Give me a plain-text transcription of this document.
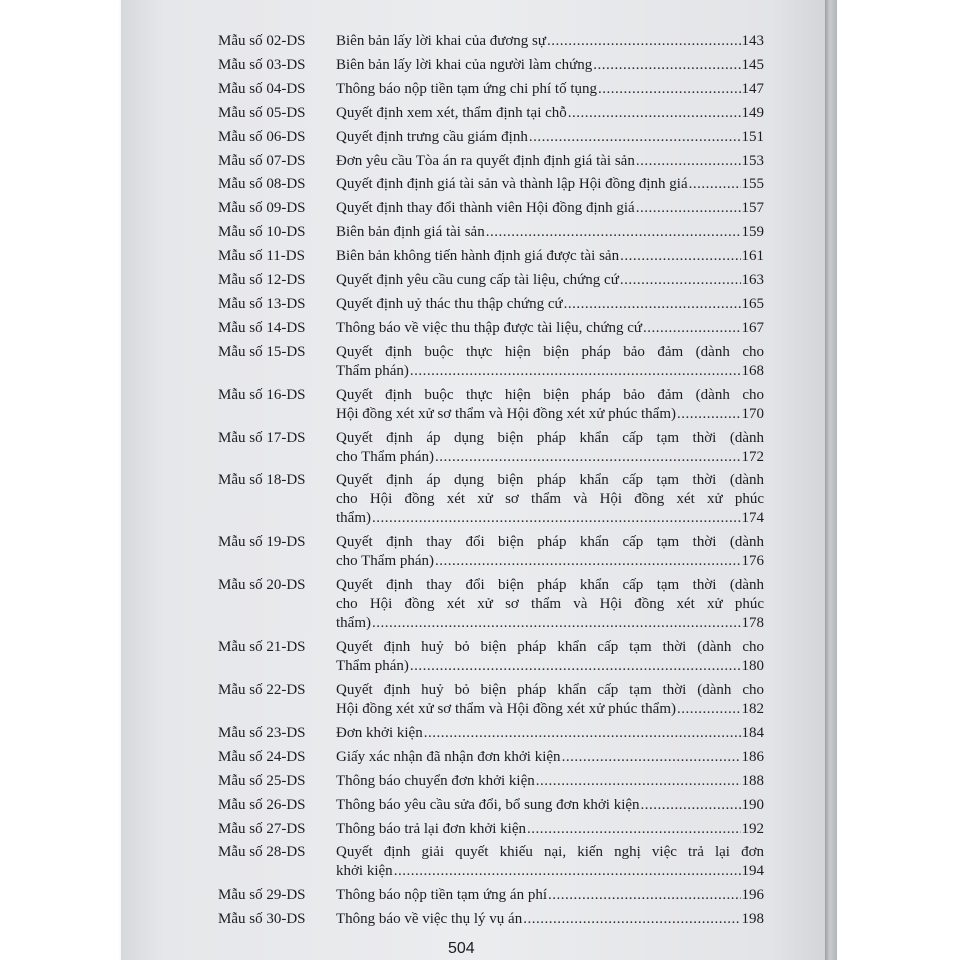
Mẫu số 02-DS Biên bản lấy lời khai của đương sự .....	143
Mẫu số 03-DS Biên bản lấy lời khai của người làm chứng .....	145
Mẫu số 04-DS Thông báo nộp tiền tạm ứng chi phí tố tụng .....	147
Mẫu số 05-DS Quyết định xem xét, thẩm định tại chỗ .....	149
Mẫu số 06-DS Quyết định trưng cầu giám định .....	151
Mẫu số 07-DS Đơn yêu cầu Tòa án ra quyết định định giá tài sản .....	153
Mẫu số 08-DS Quyết định định giá tài sản và thành lập Hội đồng định giá .....	155
Mẫu số 09-DS Quyết định thay đổi thành viên Hội đồng định giá .....	157
Mẫu số 10-DS Biên bản định giá tài sản .....	159
Mẫu số 11-DS Biên bản không tiến hành định giá được tài sản .....	161
Mẫu số 12-DS Quyết định yêu cầu cung cấp tài liệu, chứng cứ .....	163
Mẫu số 13-DS Quyết định uỷ thác thu thập chứng cứ .....	165
Mẫu số 14-DS Thông báo về việc thu thập được tài liệu, chứng cứ .....	167
Mẫu số 15-DS Quyết định buộc thực hiện biện pháp bảo đảm (dành cho
Thẩm phán) .....	168
Mẫu số 16-DS Quyết định buộc thực hiện biện pháp bảo đảm (dành cho
Hội đồng xét xử sơ thẩm và Hội đồng xét xử phúc thẩm) .....	170
Mẫu số 17-DS Quyết định áp dụng biện pháp khẩn cấp tạm thời (dành
cho Thẩm phán) .....	172
Mẫu số 18-DS Quyết định áp dụng biện pháp khẩn cấp tạm thời (dành
cho Hội đồng xét xử sơ thẩm và Hội đồng xét xử phúc
thẩm) .....	174
Mẫu số 19-DS Quyết định thay đổi biện pháp khẩn cấp tạm thời (dành
cho Thẩm phán) .....	176
Mẫu số 20-DS Quyết định thay đổi biện pháp khẩn cấp tạm thời (dành
cho Hội đồng xét xử sơ thẩm và Hội đồng xét xử phúc
thẩm) .....	178
Mẫu số 21-DS Quyết định huỷ bỏ biện pháp khẩn cấp tạm thời (dành cho
Thẩm phán) .....	180
Mẫu số 22-DS Quyết định huỷ bỏ biện pháp khẩn cấp tạm thời (dành cho
Hội đồng xét xử sơ thẩm và Hội đồng xét xử phúc thẩm) .....	182
Mẫu số 23-DS Đơn khởi kiện .....	184
Mẫu số 24-DS Giấy xác nhận đã nhận đơn khởi kiện .....	186
Mẫu số 25-DS Thông báo chuyển đơn khởi kiện .....	188
Mẫu số 26-DS Thông báo yêu cầu sửa đổi, bổ sung đơn khởi kiện .....	190
Mẫu số 27-DS Thông báo trả lại đơn khởi kiện .....	192
Mẫu số 28-DS Quyết định giải quyết khiếu nại, kiến nghị việc trả lại đơn
khởi kiện .....	194
Mẫu số 29-DS Thông báo nộp tiền tạm ứng án phí .....	196
Mẫu số 30-DS Thông báo về việc thụ lý vụ án .....	198
504
